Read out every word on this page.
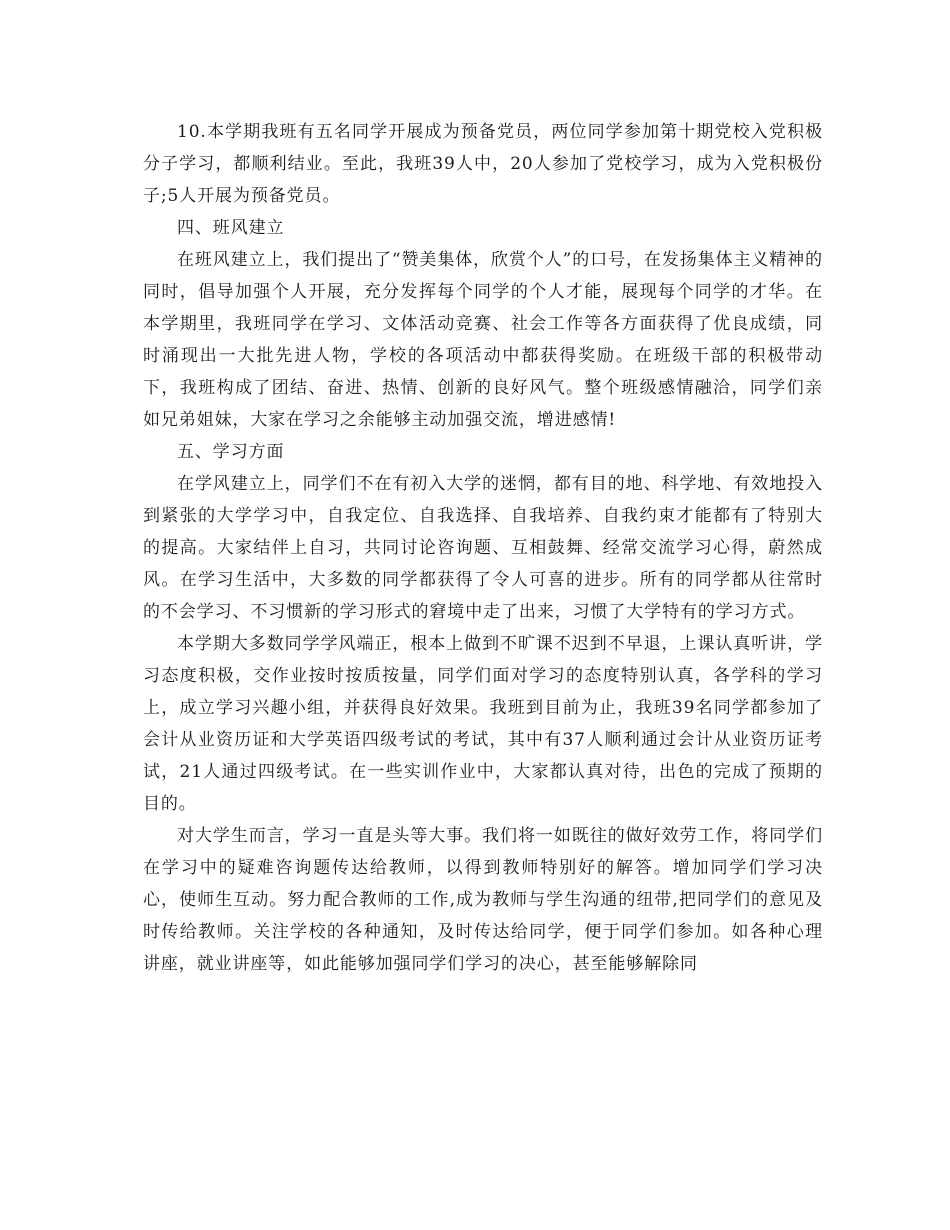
10.本学期我班有五名同学开展成为预备党员，两位同学参加第十期党校入党积极分子学习，都顺利结业。至此，我班39人中，20人参加了党校学习，成为入党积极份子;5人开展为预备党员。

四、班风建立

在班风建立上，我们提出了“赞美集体，欣赏个人”的口号，在发扬集体主义精神的同时，倡导加强个人开展，充分发挥每个同学的个人才能，展现每个同学的才华。在本学期里，我班同学在学习、文体活动竞赛、社会工作等各方面获得了优良成绩，同时涌现出一大批先进人物，学校的各项活动中都获得奖励。在班级干部的积极带动下，我班构成了团结、奋进、热情、创新的良好风气。整个班级感情融洽，同学们亲如兄弟姐妹，大家在学习之余能够主动加强交流，增进感情!

五、学习方面

在学风建立上，同学们不在有初入大学的迷惘，都有目的地、科学地、有效地投入到紧张的大学学习中，自我定位、自我选择、自我培养、自我约束才能都有了特别大的提高。大家结伴上自习，共同讨论咨询题、互相鼓舞、经常交流学习心得，蔚然成风。在学习生活中，大多数的同学都获得了令人可喜的进步。所有的同学都从往常时的不会学习、不习惯新的学习形式的窘境中走了出来，习惯了大学特有的学习方式。

本学期大多数同学学风端正，根本上做到不旷课不迟到不早退，上课认真听讲，学习态度积极，交作业按时按质按量，同学们面对学习的态度特别认真，各学科的学习上，成立学习兴趣小组，并获得良好效果。我班到目前为止，我班39名同学都参加了会计从业资历证和大学英语四级考试的考试，其中有37人顺利通过会计从业资历证考试，21人通过四级考试。在一些实训作业中，大家都认真对待，出色的完成了预期的目的。

对大学生而言，学习一直是头等大事。我们将一如既往的做好效劳工作，将同学们在学习中的疑难咨询题传达给教师，以得到教师特别好的解答。增加同学们学习决心，使师生互动。努力配合教师的工作,成为教师与学生沟通的纽带,把同学们的意见及时传给教师。关注学校的各种通知，及时传达给同学，便于同学们参加。如各种心理讲座，就业讲座等，如此能够加强同学们学习的决心，甚至能够解除同
